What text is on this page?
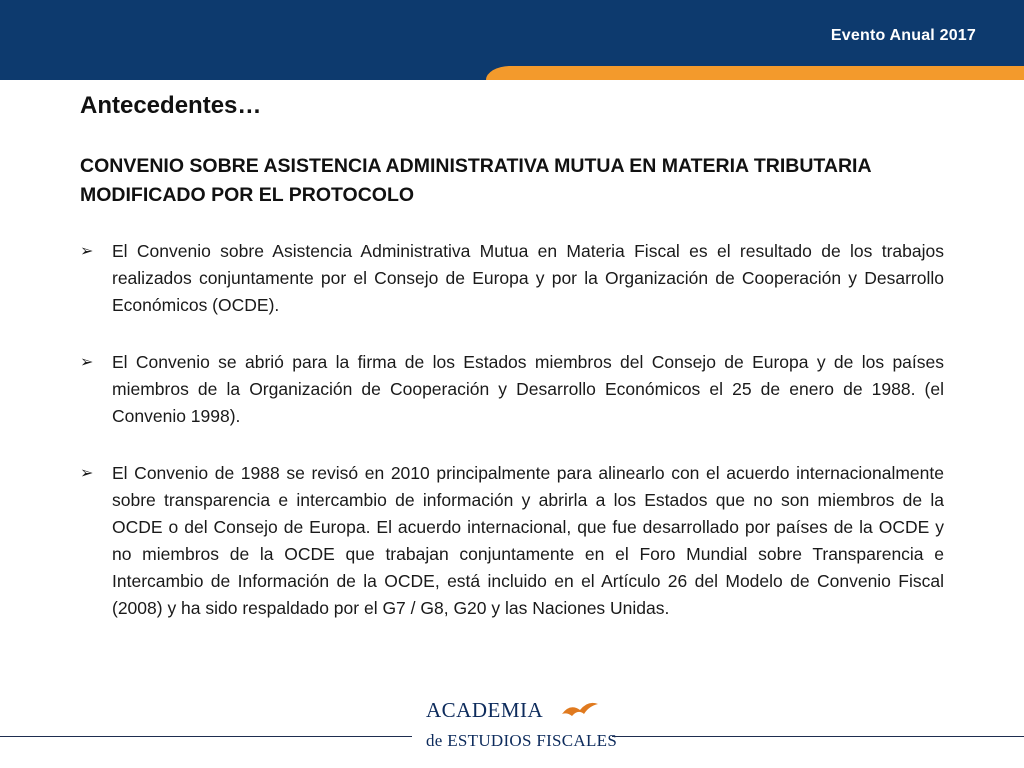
Evento Anual 2017
Antecedentes…
CONVENIO SOBRE ASISTENCIA ADMINISTRATIVA MUTUA EN MATERIA TRIBUTARIA MODIFICADO POR EL PROTOCOLO
➢ El Convenio sobre Asistencia Administrativa Mutua en Materia Fiscal es el resultado de los trabajos realizados conjuntamente por el Consejo de Europa y por la Organización de Cooperación y Desarrollo Económicos (OCDE).
➢ El Convenio se abrió para la firma de los Estados miembros del Consejo de Europa y de los países miembros de la Organización de Cooperación y Desarrollo Económicos el 25 de enero de 1988. (el Convenio 1998).
➢ El Convenio de 1988 se revisó en 2010 principalmente para alinearlo con el acuerdo internacionalmente sobre transparencia e intercambio de información y abrirla a los Estados que no son miembros de la OCDE o del Consejo de Europa. El acuerdo internacional, que fue desarrollado por países de la OCDE y no miembros de la OCDE que trabajan conjuntamente en el Foro Mundial sobre Transparencia e Intercambio de Información de la OCDE, está incluido en el Artículo 26 del Modelo de Convenio Fiscal (2008) y ha sido respaldado por el G7 / G8, G20 y las Naciones Unidas.
ACADEMIA
de ESTUDIOS FISCALES
